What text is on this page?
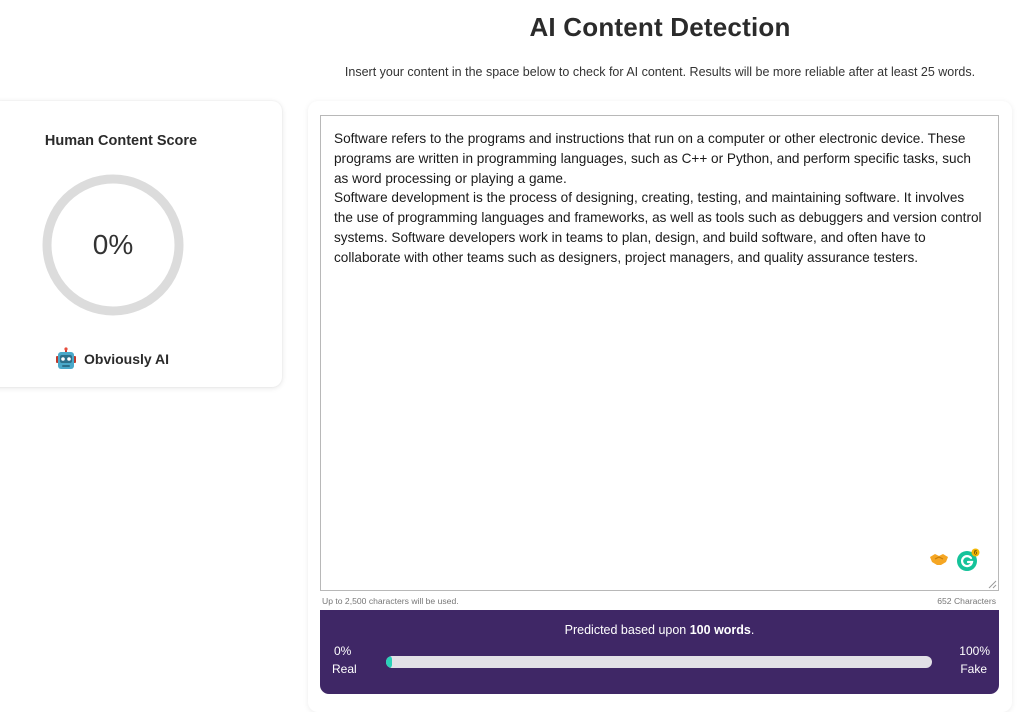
AI Content Detection
Insert your content in the space below to check for AI content. Results will be more reliable after at least 25 words.
Human Content Score
0%
Obviously AI

Software refers to the programs and instructions that run on a computer or other electronic device. These programs are written in programming languages, such as C++ or Python, and perform specific tasks, such as word processing or playing a game.

Software development is the process of designing, creating, testing, and maintaining software. It involves the use of programming languages and frameworks, as well as tools such as debuggers and version control systems. Software developers work in teams to plan, design, and build software, and often have to collaborate with other teams such as designers, project managers, and quality assurance testers.

6
Up to 2,500 characters will be used.	652 Characters
Predicted based upon 100 words.
0%
Real
100%
Fake
